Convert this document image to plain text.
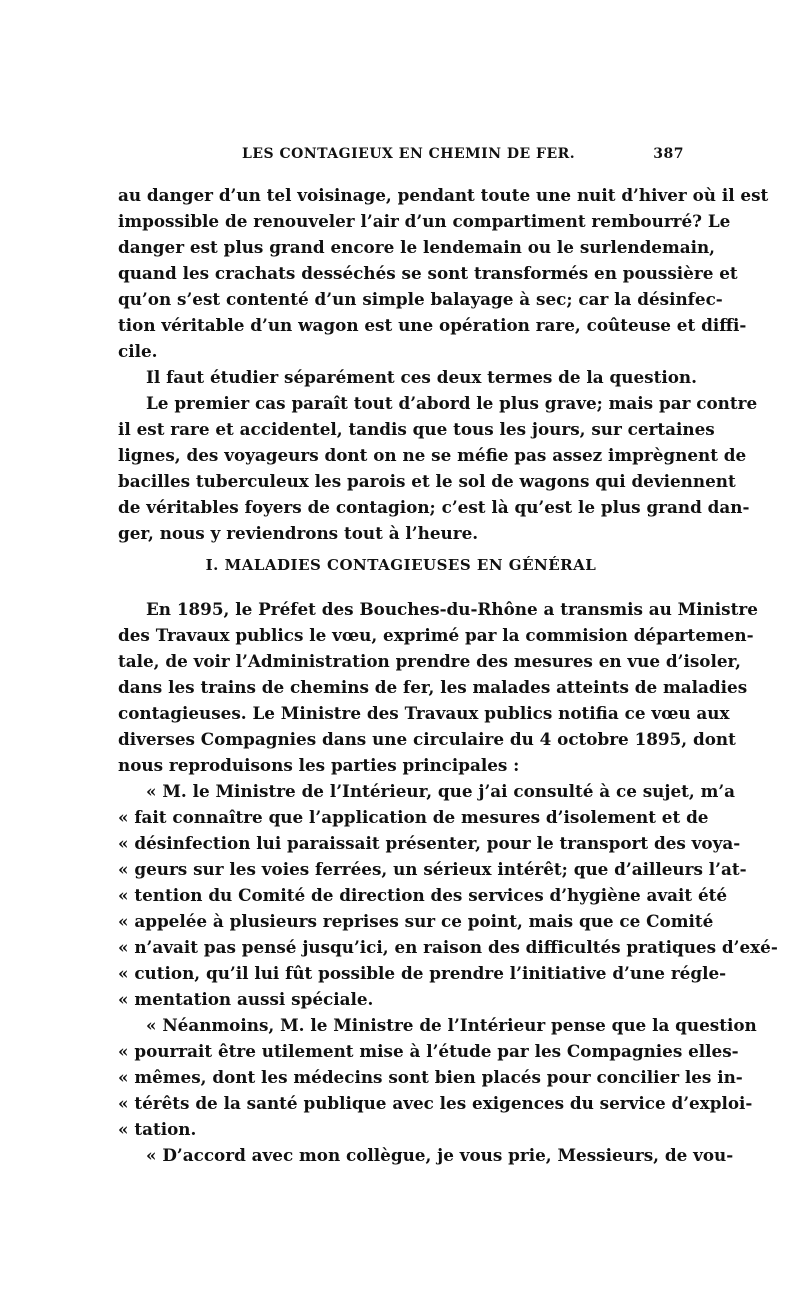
LES CONTAGIEUX EN CHEMIN DE FER.	387
au danger d’un tel voisinage, pendant toute une nuit d’hiver où il est
impossible de renouveler l’air d’un compartiment rembourré? Le
danger est plus grand encore le lendemain ou le surlendemain,
quand les crachats desséchés se sont transformés en poussière et
qu’on s’est contenté d’un simple balayage à sec; car la désinfec-
tion véritable d’un wagon est une opération rare, coûteuse et diffi-
cile.
Il faut étudier séparément ces deux termes de la question.
Le premier cas paraît tout d’abord le plus grave; mais par contre
il est rare et accidentel, tandis que tous les jours, sur certaines
lignes, des voyageurs dont on ne se méfie pas assez imprègnent de
bacilles tuberculeux les parois et le sol de wagons qui deviennent
de véritables foyers de contagion; c’est là qu’est le plus grand dan-
ger, nous y reviendrons tout à l’heure.
I. MALADIES CONTAGIEUSES EN GÉNÉRAL
En 1895, le Préfet des Bouches-du-Rhône a transmis au Ministre
des Travaux publics le vœu, exprimé par la commision départemen-
tale, de voir l’Administration prendre des mesures en vue d’isoler,
dans les trains de chemins de fer, les malades atteints de maladies
contagieuses. Le Ministre des Travaux publics notifia ce vœu aux
diverses Compagnies dans une circulaire du 4 octobre 1895, dont
nous reproduisons les parties principales :
« M. le Ministre de l’Intérieur, que j’ai consulté à ce sujet, m’a
« fait connaître que l’application de mesures d’isolement et de
« désinfection lui paraissait présenter, pour le transport des voya-
« geurs sur les voies ferrées, un sérieux intérêt; que d’ailleurs l’at-
« tention du Comité de direction des services d’hygiène avait été
« appelée à plusieurs reprises sur ce point, mais que ce Comité
« n’avait pas pensé jusqu’ici, en raison des difficultés pratiques d’exé-
« cution, qu’il lui fût possible de prendre l’initiative d’une régle-
« mentation aussi spéciale.
« Néanmoins, M. le Ministre de l’Intérieur pense que la question
« pourrait être utilement mise à l’étude par les Compagnies elles-
« mêmes, dont les médecins sont bien placés pour concilier les in-
« térêts de la santé publique avec les exigences du service d’exploi-
« tation.
« D’accord avec mon collègue, je vous prie, Messieurs, de vou-
